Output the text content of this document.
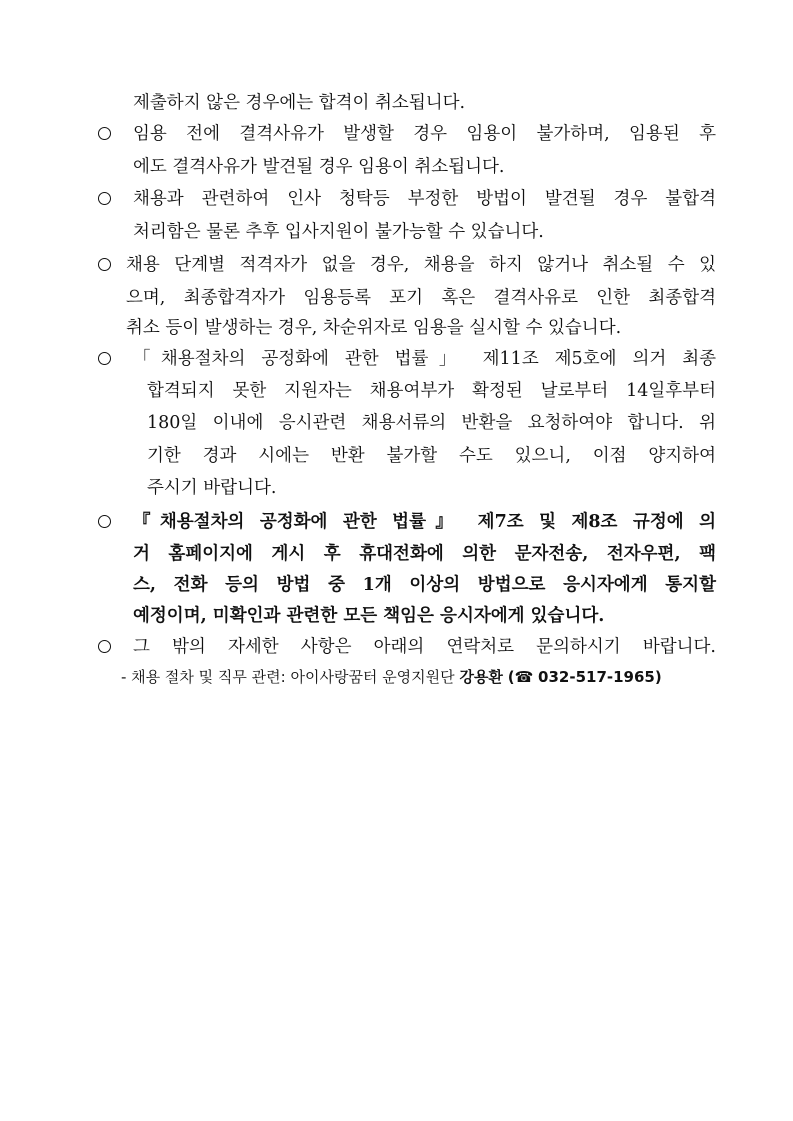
제출하지 않은 경우에는 합격이 취소됩니다.
임용 전에 결격사유가 발생할 경우 임용이 불가하며, 임용된 후
에도 결격사유가 발견될 경우 임용이 취소됩니다.
채용과 관련하여 인사 청탁등 부정한 방법이 발견될 경우 불합격
처리함은 물론 추후 입사지원이 불가능할 수 있습니다.
채용 단계별 적격자가 없을 경우, 채용을 하지 않거나 취소될 수 있
으며, 최종합격자가 임용등록 포기 혹은 결격사유로 인한 최종합격
취소 등이 발생하는 경우, 차순위자로 임용을 실시할 수 있습니다.
「채용절차의 공정화에 관한 법률」 제11조 제5호에 의거 최종
합격되지 못한 지원자는 채용여부가 확정된 날로부터 14일후부터
180일 이내에 응시관련 채용서류의 반환을 요청하여야 합니다. 위
기한 경과 시에는 반환 불가할 수도 있으니, 이점 양지하여
주시기 바랍니다.
『채용절차의 공정화에 관한 법률』 제7조 및 제8조 규정에 의
거 홈페이지에 게시 후 휴대전화에 의한 문자전송, 전자우편, 팩
스, 전화 등의 방법 중 1개 이상의 방법으로 응시자에게 통지할
예정이며, 미확인과 관련한 모든 책임은 응시자에게 있습니다.
그 밖의 자세한 사항은 아래의 연락처로 문의하시기 바랍니다.
- 채용 절차 및 직무 관련: 아이사랑꿈터 운영지원단 강용환 (☎ 032-517-1965)
